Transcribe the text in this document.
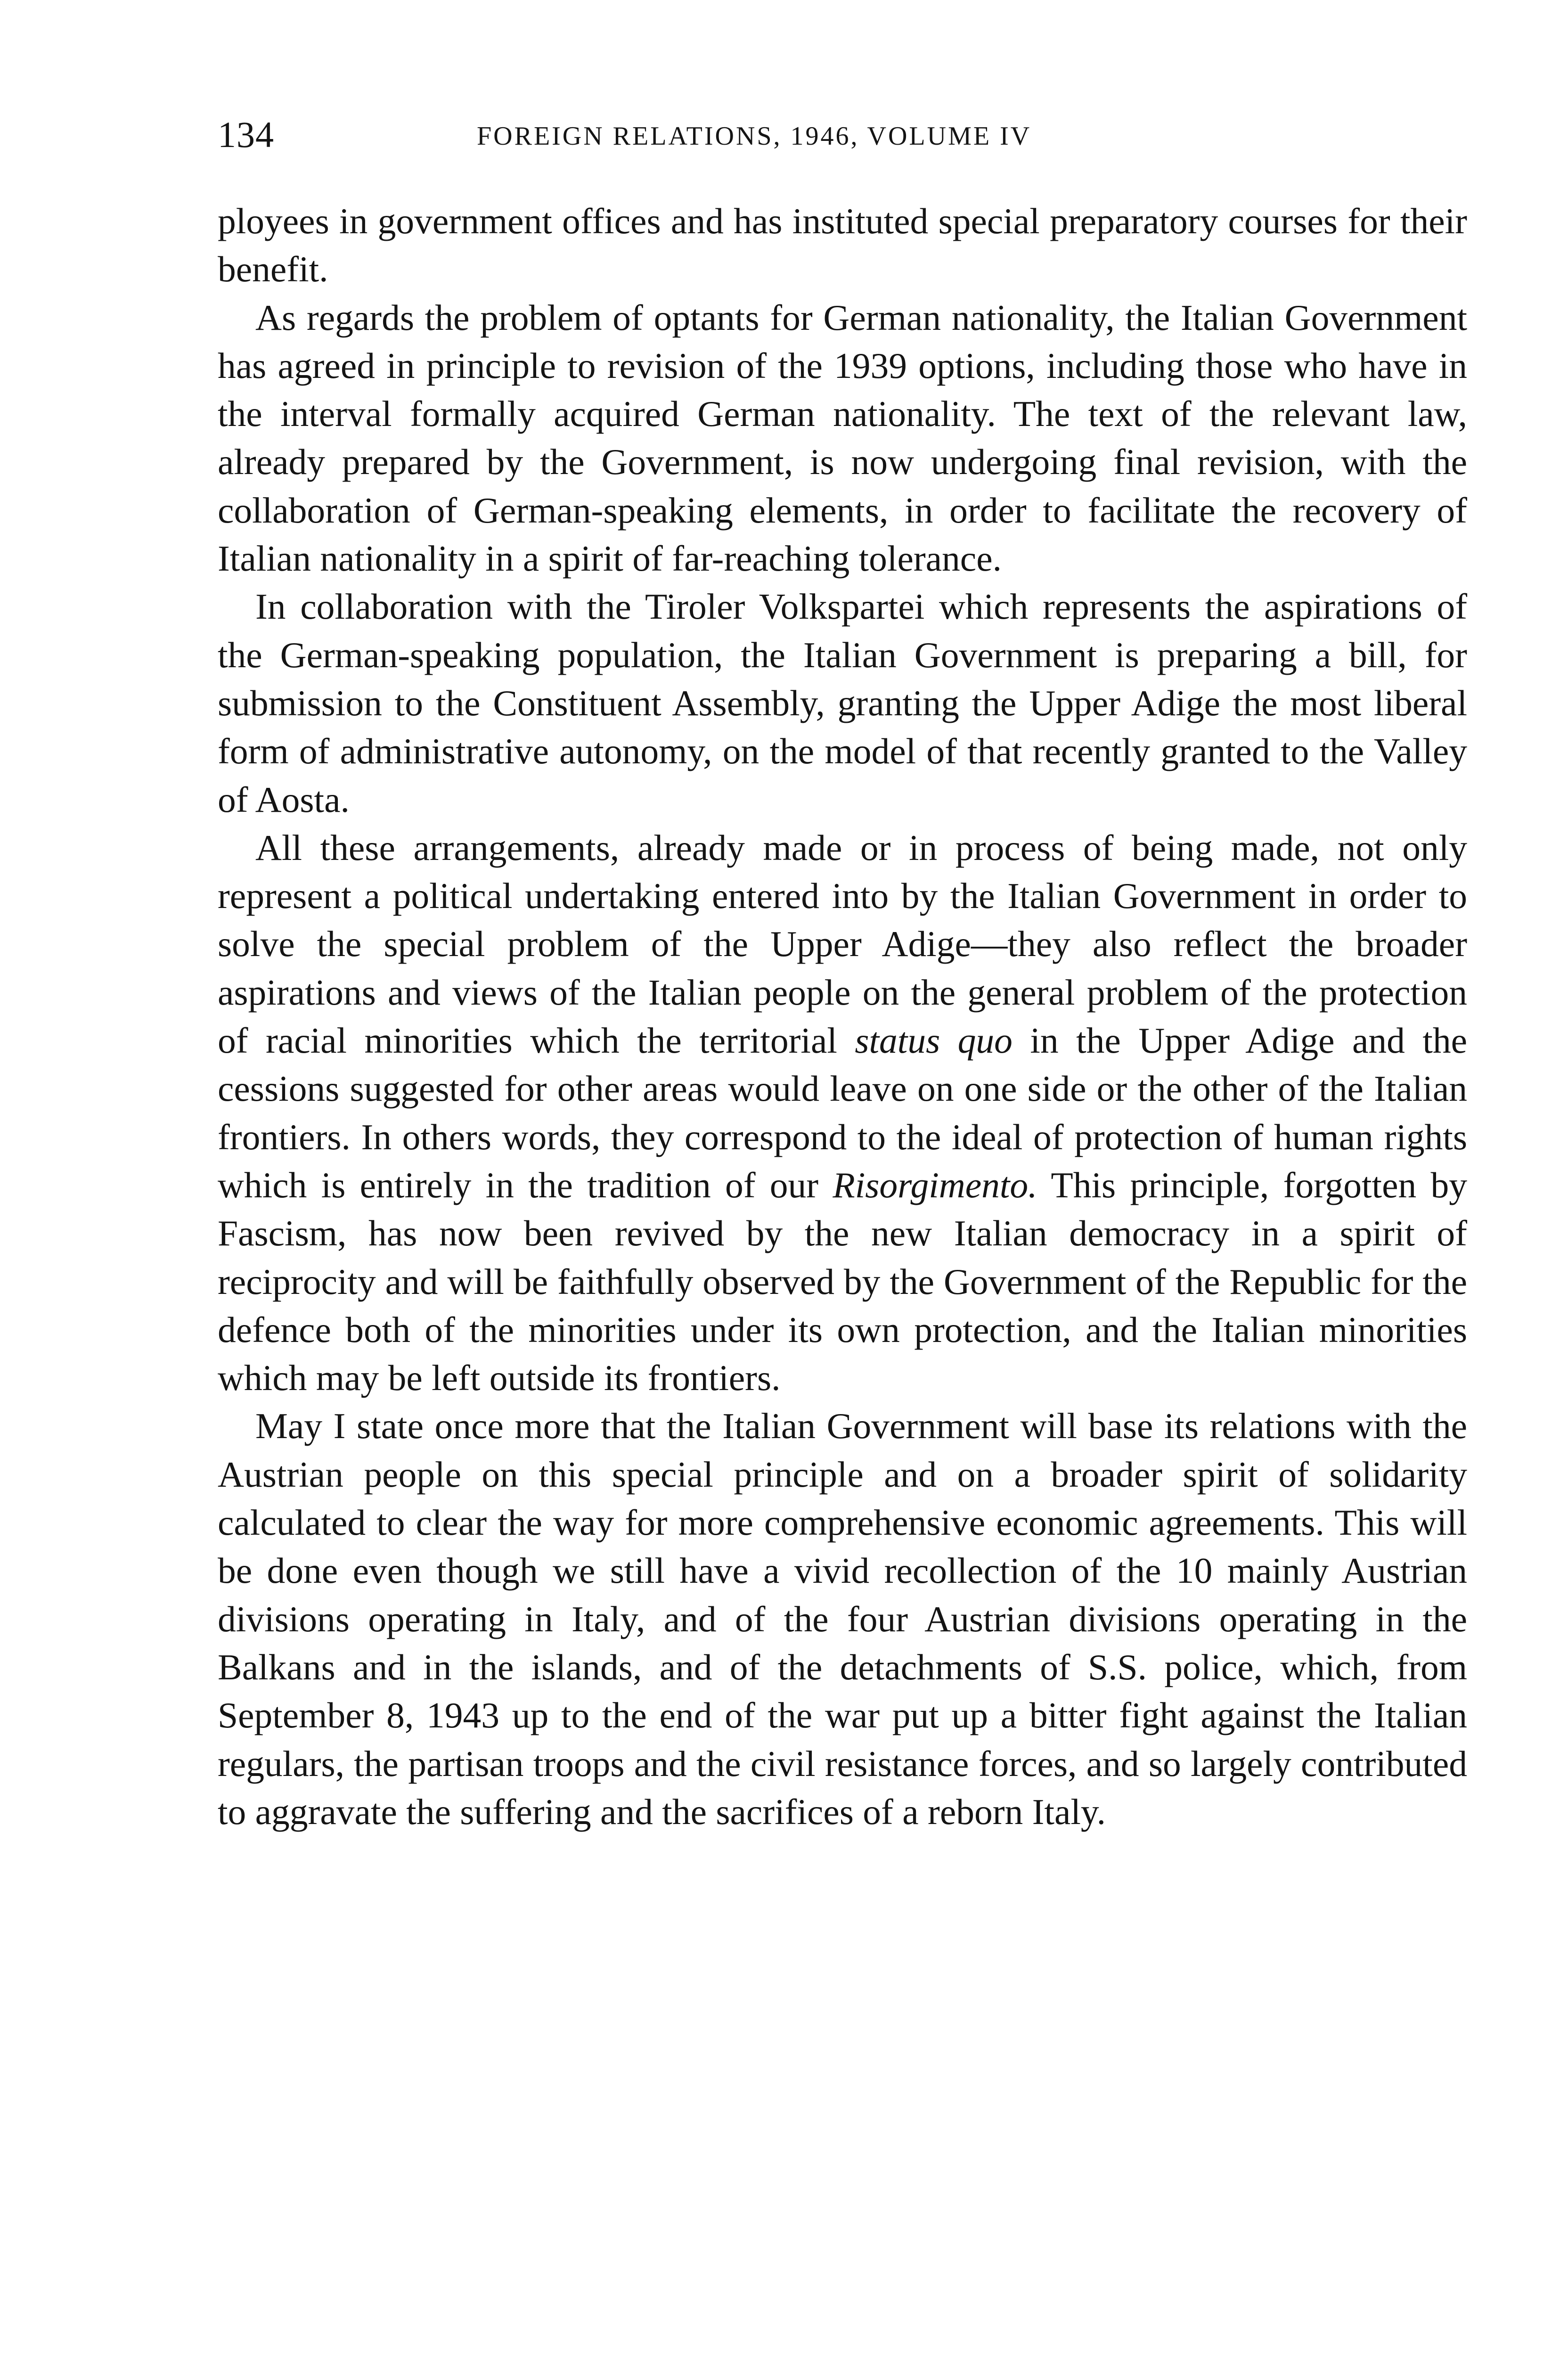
134	FOREIGN RELATIONS, 1946, VOLUME IV

ployees in government offices and has instituted special preparatory courses for their benefit.

As regards the problem of optants for German nationality, the Italian Government has agreed in principle to revision of the 1939 options, including those who have in the interval formally acquired German nationality. The text of the relevant law, already prepared by the Government, is now undergoing final revision, with the collaboration of German-speaking elements, in order to facilitate the recovery of Italian nationality in a spirit of far-reaching tolerance.

In collaboration with the Tiroler Volkspartei which represents the aspirations of the German-speaking population, the Italian Government is preparing a bill, for submission to the Constituent Assembly, granting the Upper Adige the most liberal form of administrative autonomy, on the model of that recently granted to the Valley of Aosta.

All these arrangements, already made or in process of being made, not only represent a political undertaking entered into by the Italian Government in order to solve the special problem of the Upper Adige—they also reflect the broader aspirations and views of the Italian people on the general problem of the protection of racial minorities which the territorial status quo in the Upper Adige and the cessions suggested for other areas would leave on one side or the other of the Italian frontiers. In others words, they correspond to the ideal of protection of human rights which is entirely in the tradition of our Risorgimento. This principle, forgotten by Fascism, has now been revived by the new Italian democracy in a spirit of reciprocity and will be faithfully observed by the Government of the Republic for the defence both of the minorities under its own protection, and the Italian minorities which may be left outside its frontiers.

May I state once more that the Italian Government will base its relations with the Austrian people on this special principle and on a broader spirit of solidarity calculated to clear the way for more comprehensive economic agreements. This will be done even though we still have a vivid recollection of the 10 mainly Austrian divisions operating in Italy, and of the four Austrian divisions operating in the Balkans and in the islands, and of the detachments of S.S. police, which, from September 8, 1943 up to the end of the war put up a bitter fight against the Italian regulars, the partisan troops and the civil resistance forces, and so largely contributed to aggravate the suffering and the sacrifices of a reborn Italy.
